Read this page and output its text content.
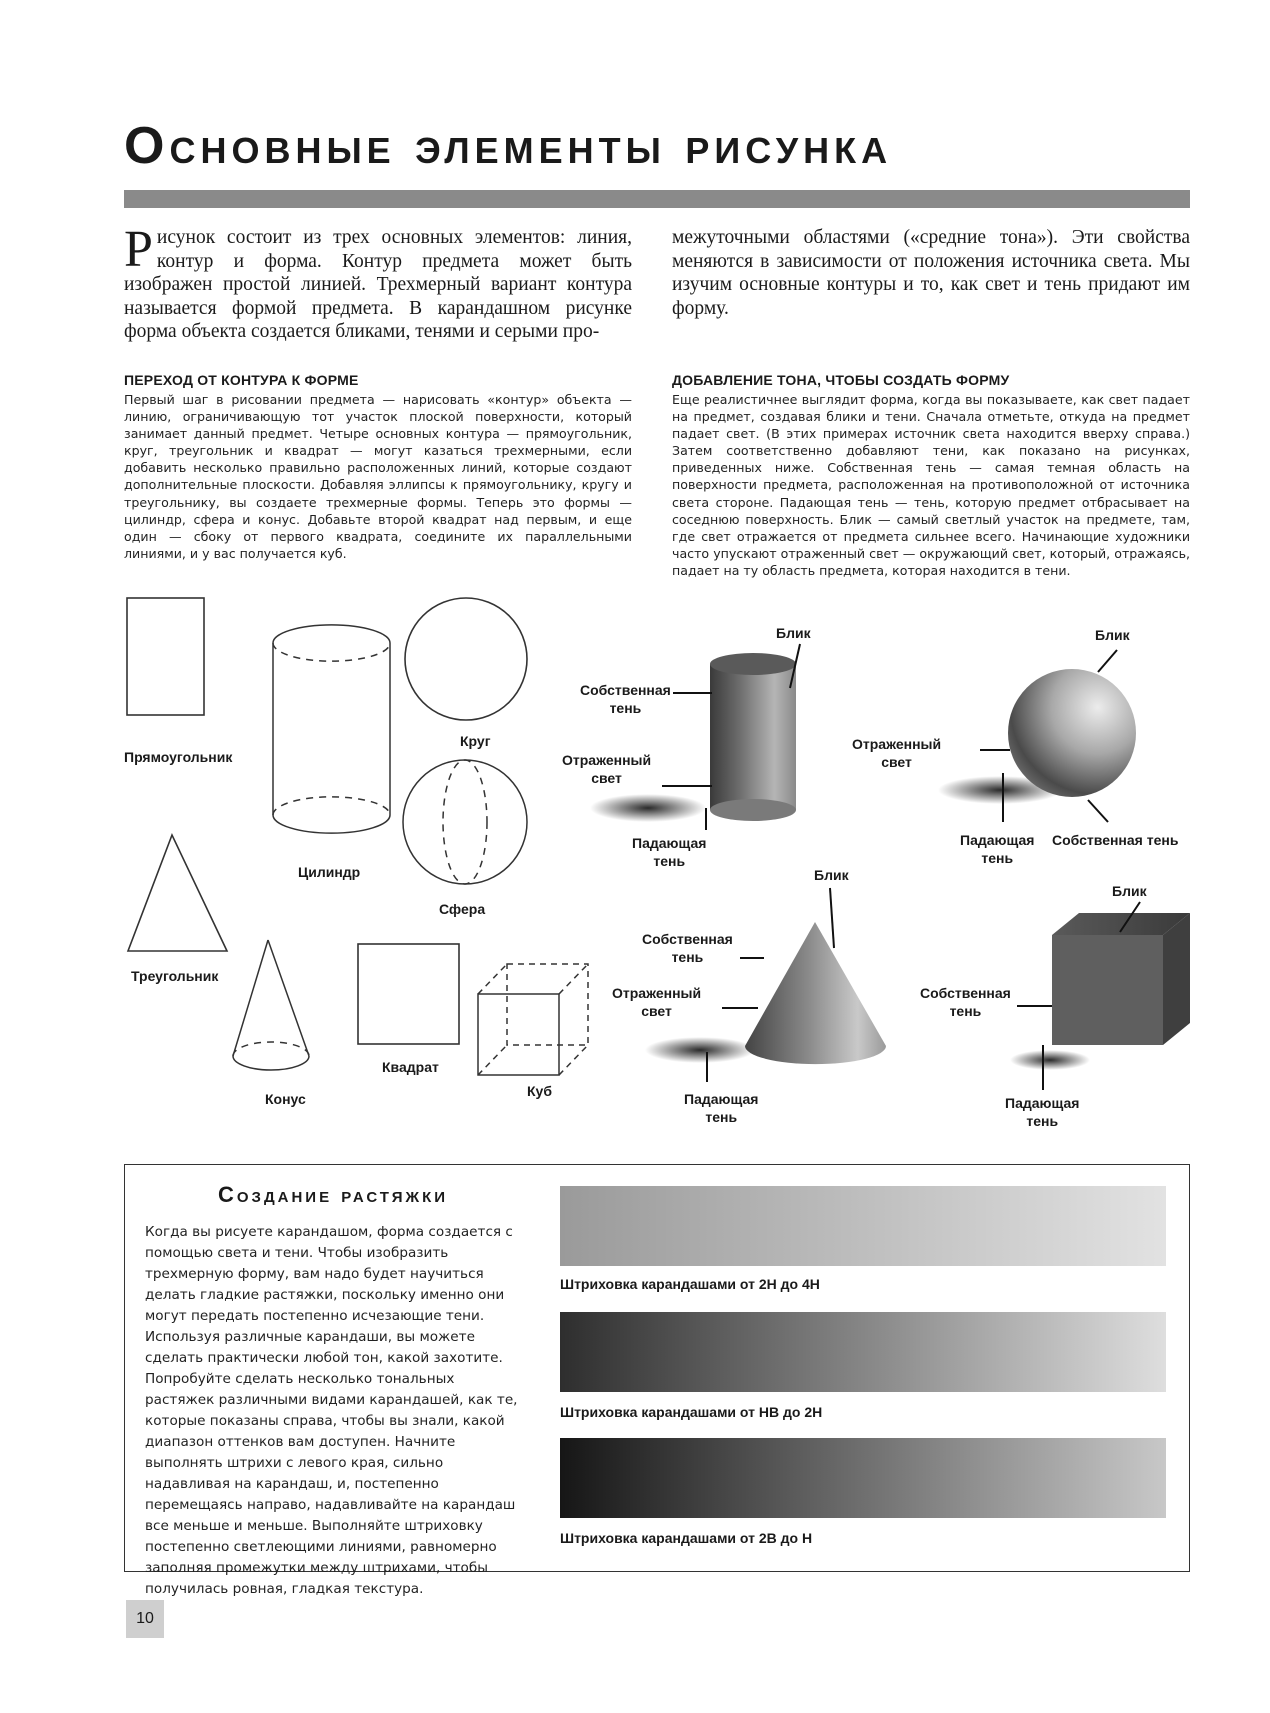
Основные элементы рисунка
Рисунок состоит из трех основных элементов: линия, контур и форма. Контур предмета может быть изображен простой линией. Трехмерный вариант контура называется формой предмета. В карандашном рисунке форма объекта создается бликами, тенями и серыми про-
межуточными областями («средние тона»). Эти свойства меняются в зависимости от положения источника света. Мы изучим основные контуры и то, как свет и тень придают им форму.
ПЕРЕХОД ОТ КОНТУРА К ФОРМЕ
Первый шаг в рисовании предмета — нарисовать «контур» объекта — линию, ограничивающую тот участок плоской поверхности, который занимает данный предмет. Четыре основных контура — прямоугольник, круг, треугольник и квадрат — могут казаться трехмерными, если добавить несколько правильно расположенных линий, которые создают дополнительные плоскости. Добавляя эллипсы к прямоугольнику, кругу и треугольнику, вы создаете трехмерные формы. Теперь это формы — цилиндр, сфера и конус. Добавьте второй квадрат над первым, и еще один — сбоку от первого квадрата, соедините их параллельными линиями, и у вас получается куб.
ДОБАВЛЕНИЕ ТОНА, ЧТОБЫ СОЗДАТЬ ФОРМУ
Еще реалистичнее выглядит форма, когда вы показываете, как свет падает на предмет, создавая блики и тени. Сначала отметьте, откуда на предмет падает свет. (В этих примерах источник света находится вверху справа.) Затем соответственно добавляют тени, как показано на рисунках, приведенных ниже. Собственная тень — самая темная область на поверхности предмета, расположенная на противоположной от источника света стороне. Падающая тень — тень, которую предмет отбрасывает на соседнюю поверхность. Блик — самый светлый участок на предмете, там, где свет отражается от предмета сильнее всего. Начинающие художники часто упускают отраженный свет — окружающий свет, который, отражаясь, падает на ту область предмета, которая находится в тени.
Прямоугольник
Круг
Цилиндр
Сфера
Треугольник
Конус
Квадрат
Куб
Блик
Собственная
тень
Отраженный
свет
Падающая
тень
Блик
Отраженный
свет
Падающая
тень
Собственная тень
Блик
Собственная
тень
Отраженный
свет
Падающая
тень
Блик
Собственная
тень
Падающая
тень
Создание растяжки
Когда вы рисуете карандашом, форма создается с помощью света и тени. Чтобы изобразить трехмерную форму, вам надо будет научиться делать гладкие растяжки, поскольку именно они могут передать постепенно исчезающие тени. Используя различные карандаши, вы можете сделать практически любой тон, какой захотите. Попробуйте сделать несколько тональных растяжек различными видами карандашей, как те, которые показаны справа, чтобы вы знали, какой диапазон оттенков вам доступен. Начните выполнять штрихи с левого края, сильно надавливая на карандаш, и, постепенно перемещаясь направо, надавливайте на карандаш все меньше и меньше. Выполняйте штриховку постепенно светлеющими линиями, равномерно заполняя промежутки между штрихами, чтобы получилась ровная, гладкая текстура.
Штриховка карандашами от 2H до 4H
Штриховка карандашами от HB до 2H
Штриховка карандашами от 2B до H
10
